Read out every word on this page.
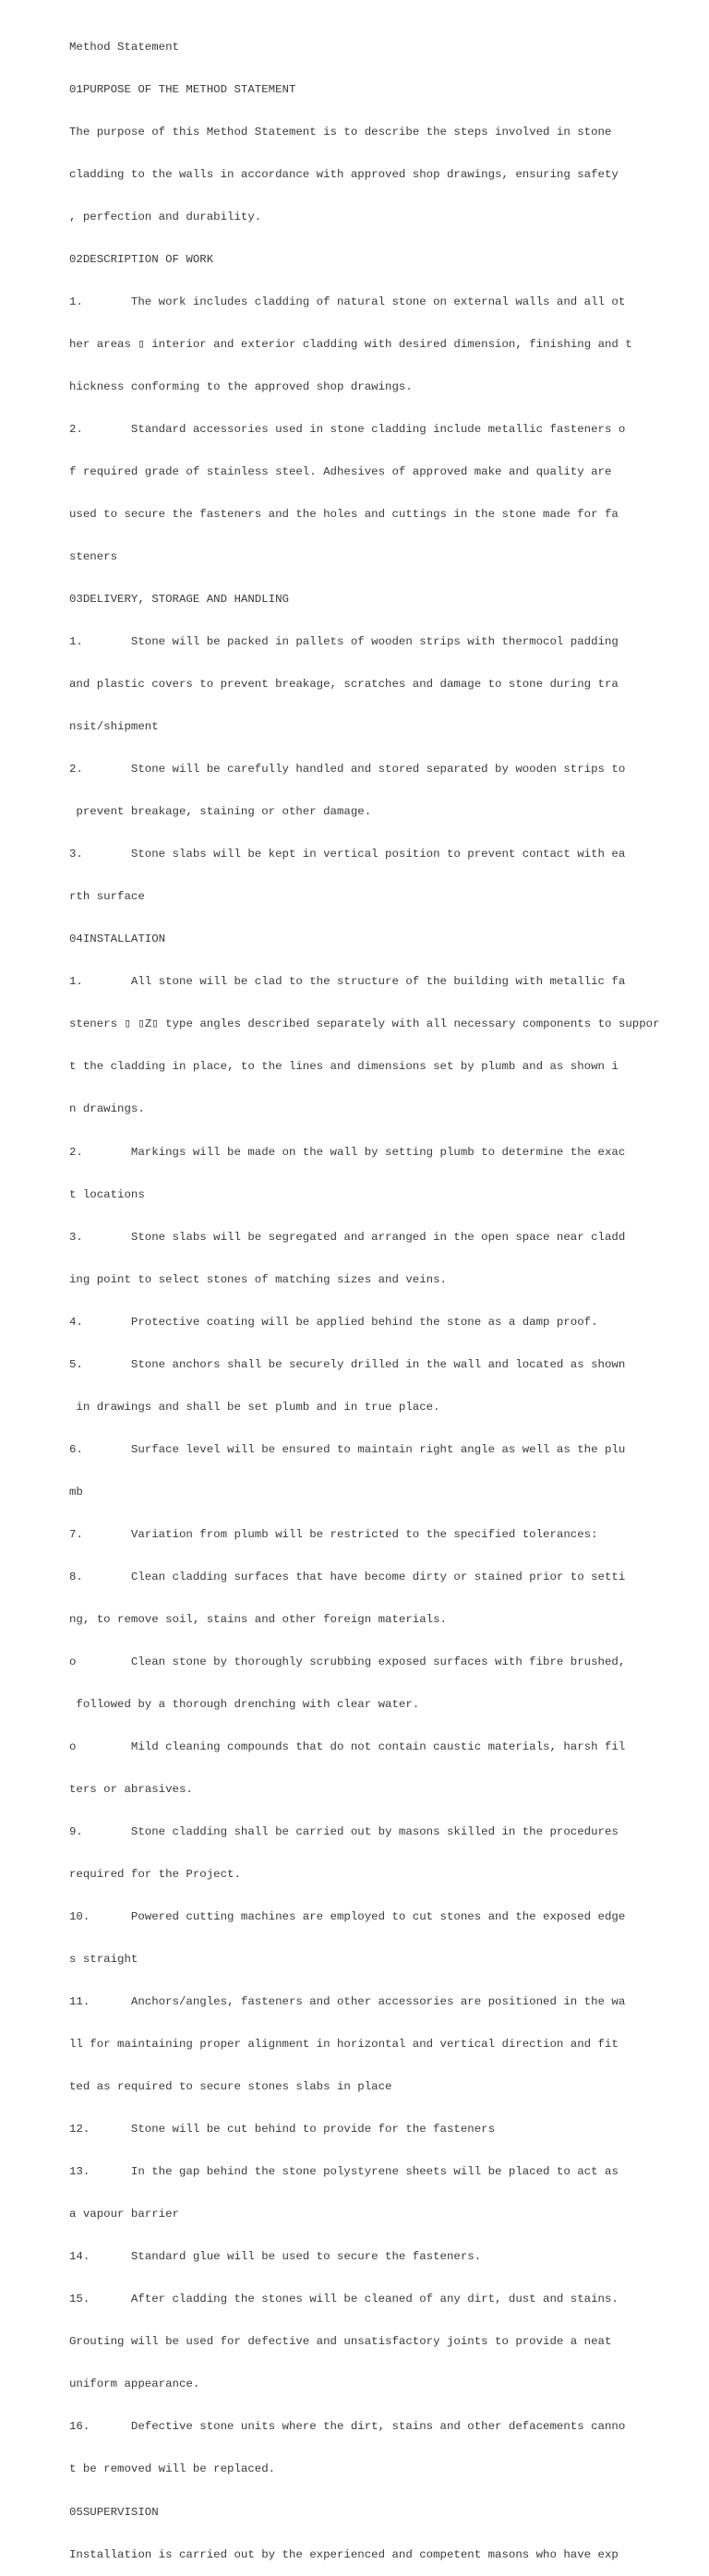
Method Statement

01PURPOSE OF THE METHOD STATEMENT

The purpose of this Method Statement is to describe the steps involved in stone

cladding to the walls in accordance with approved shop drawings, ensuring safety

, perfection and durability.

02DESCRIPTION OF WORK

1.       The work includes cladding of natural stone on external walls and all ot

her areas ▯ interior and exterior cladding with desired dimension, finishing and t

hickness conforming to the approved shop drawings.

2.       Standard accessories used in stone cladding include metallic fasteners o

f required grade of stainless steel. Adhesives of approved make and quality are

used to secure the fasteners and the holes and cuttings in the stone made for fa

steners

03DELIVERY, STORAGE AND HANDLING

1.       Stone will be packed in pallets of wooden strips with thermocol padding

and plastic covers to prevent breakage, scratches and damage to stone during tra

nsit/shipment

2.       Stone will be carefully handled and stored separated by wooden strips to

prevent breakage, staining or other damage.

3.       Stone slabs will be kept in vertical position to prevent contact with ea

rth surface

04INSTALLATION

1.       All stone will be clad to the structure of the building with metallic fa

steners ▯ ▯Z▯ type angles described separately with all necessary components to suppor

t the cladding in place, to the lines and dimensions set by plumb and as shown i

n drawings.

2.       Markings will be made on the wall by setting plumb to determine the exac

t locations

3.       Stone slabs will be segregated and arranged in the open space near cladd

ing point to select stones of matching sizes and veins.

4.       Protective coating will be applied behind the stone as a damp proof.

5.       Stone anchors shall be securely drilled in the wall and located as shown

in drawings and shall be set plumb and in true place.

6.       Surface level will be ensured to maintain right angle as well as the plu

mb

7.       Variation from plumb will be restricted to the specified tolerances:

8.       Clean cladding surfaces that have become dirty or stained prior to setti

ng, to remove soil, stains and other foreign materials.

o        Clean stone by thoroughly scrubbing exposed surfaces with fibre brushed,

followed by a thorough drenching with clear water.

o        Mild cleaning compounds that do not contain caustic materials, harsh fil

ters or abrasives.

9.       Stone cladding shall be carried out by masons skilled in the procedures

required for the Project.

10.      Powered cutting machines are employed to cut stones and the exposed edge

s straight

11.      Anchors/angles, fasteners and other accessories are positioned in the wa

ll for maintaining proper alignment in horizontal and vertical direction and fit

ted as required to secure stones slabs in place

12.      Stone will be cut behind to provide for the fasteners

13.      In the gap behind the stone polystyrene sheets will be placed to act as

a vapour barrier

14.      Standard glue will be used to secure the fasteners.

15.      After cladding the stones will be cleaned of any dirt, dust and stains.

Grouting will be used for defective and unsatisfactory joints to provide a neat

uniform appearance.

16.      Defective stone units where the dirt, stains and other defacements canno

t be removed will be replaced.

05SUPERVISION

Installation is carried out by the experienced and competent masons who have exp
